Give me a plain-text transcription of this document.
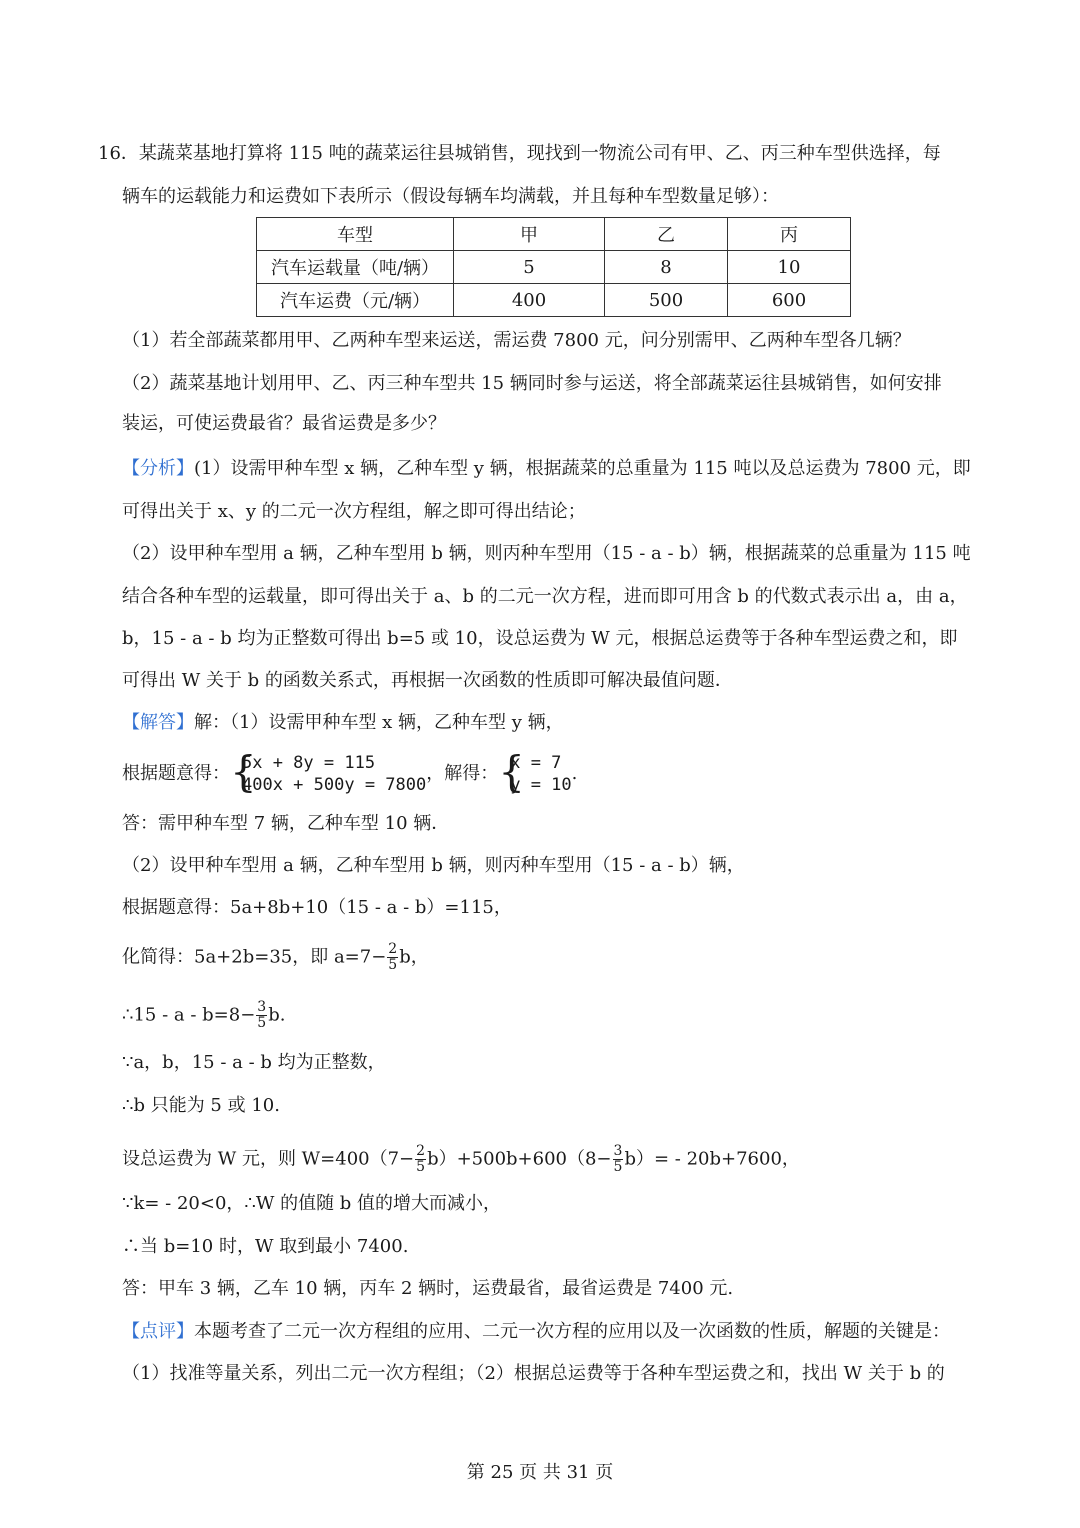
16．某蔬菜基地打算将 115 吨的蔬菜运往县城销售，现找到一物流公司有甲、乙、丙三种车型供选择，每
辆车的运载能力和运费如下表所示（假设每辆车均满载，并且每种车型数量足够）：
车型	甲	乙	丙
汽车运载量（吨/辆）	5	8	10
汽车运费（元/辆）	400	500	600
（1）若全部蔬菜都用甲、乙两种车型来运送，需运费 7800 元，问分别需甲、乙两种车型各几辆？
（2）蔬菜基地计划用甲、乙、丙三种车型共 15 辆同时参与运送，将全部蔬菜运往县城销售，如何安排
装运，可使运费最省？最省运费是多少？
【分析】(1）设需甲种车型 x 辆，乙种车型 y 辆，根据蔬菜的总重量为 115 吨以及总运费为 7800 元，即
可得出关于 x、y 的二元一次方程组，解之即可得出结论；
（2）设甲种车型用 a 辆，乙种车型用 b 辆，则丙种车型用（15 - a - b）辆，根据蔬菜的总重量为 115 吨
结合各种车型的运载量，即可得出关于 a、b 的二元一次方程，进而即可用含 b 的代数式表示出 a，由 a，
b，15 - a - b 均为正整数可得出 b=5 或 10，设总运费为 W 元，根据总运费等于各种车型运费之和，即
可得出 W 关于 b 的函数关系式，再根据一次函数的性质即可解决最值问题．
【解答】解：（1）设需甲种车型 x 辆，乙种车型 y 辆，
根据题意得： {
5x + 8y = 115
400x + 500y = 7800
，解得： {
x = 7
y = 10
.
答：需甲种车型 7 辆，乙种车型 10 辆．
（2）设甲种车型用 a 辆，乙种车型用 b 辆，则丙种车型用（15 - a - b）辆，
根据题意得：5a+8b+10（15 - a - b）=115，
化简得：5a+2b=35，即 $a=7- \frac{2}{5}$ b，
∴15 - $a - b=8- \frac{3}{5} b$.
∵a，b，15 - a - b 均为正整数，
∴b 只能为 5 或 10.
设总运费为 W 元，则 $W=400(7- \frac{2}{5} b)+500b+600(8- \frac{3}{5} b)= - 20b+7600$，
∵k= - 20<0，∴W 的值随 b 值的增大而减小，
∴当 b=10 时，W 取到最小 7400.
答：甲车 3 辆，乙车 10 辆，丙车 2 辆时，运费最省，最省运费是 7400 元.
【点评】本题考查了二元一次方程组的应用、二元一次方程的应用以及一次函数的性质，解题的关键是：
（1）找准等量关系，列出二元一次方程组；（2）根据总运费等于各种车型运费之和，找出 W 关于 b 的
第 25 页 共 31 页
